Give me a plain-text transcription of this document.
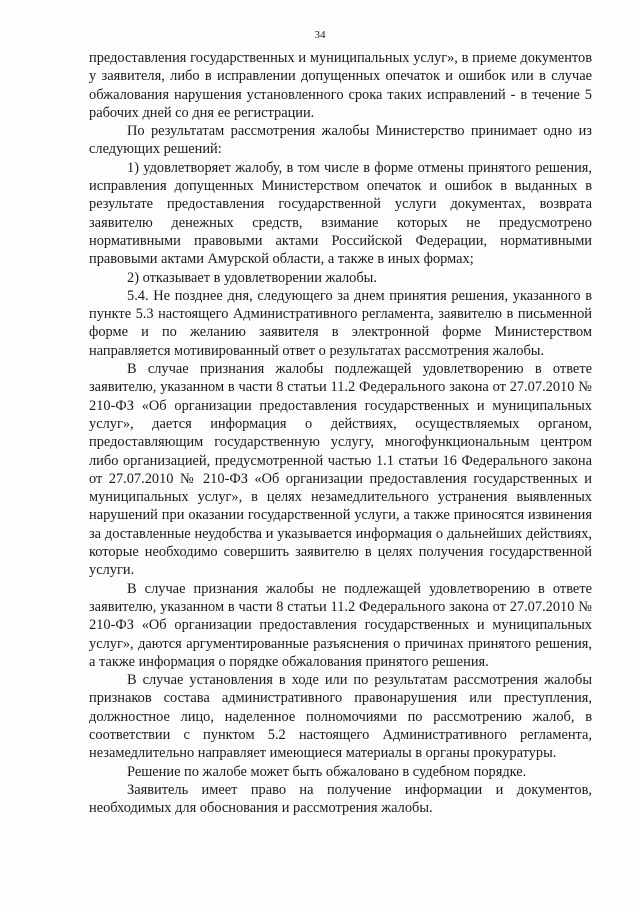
34

предоставления государственных и муниципальных услуг», в приеме документов у заявителя, либо в исправлении допущенных опечаток и ошибок или в случае обжалования нарушения установленного срока таких исправлений - в течение 5 рабочих дней со дня ее регистрации.

По результатам рассмотрения жалобы Министерство принимает одно из следующих решений:

1) удовлетворяет жалобу, в том числе в форме отмены принятого решения, исправления допущенных Министерством опечаток и ошибок в выданных в результате предоставления государственной услуги документах, возврата заявителю денежных средств, взимание которых не предусмотрено нормативными правовыми актами Российской Федерации, нормативными правовыми актами Амурской области, а также в иных формах;

2) отказывает в удовлетворении жалобы.

5.4. Не позднее дня, следующего за днем принятия решения, указанного в пункте 5.3 настоящего Административного регламента, заявителю в письменной форме и по желанию заявителя в электронной форме Министерством направляется мотивированный ответ о результатах рассмотрения жалобы.

В случае признания жалобы подлежащей удовлетворению в ответе заявителю, указанном в части 8 статьи 11.2 Федерального закона от 27.07.2010 № 210-ФЗ «Об организации предоставления государственных и муниципальных услуг», дается информация о действиях, осуществляемых органом, предоставляющим государственную услугу, многофункциональным центром либо организацией, предусмотренной частью 1.1 статьи 16 Федерального закона от 27.07.2010 № 210-ФЗ «Об организации предоставления государственных и муниципальных услуг», в целях незамедлительного устранения выявленных нарушений при оказании государственной услуги, а также приносятся извинения за доставленные неудобства и указывается информация о дальнейших действиях, которые необходимо совершить заявителю в целях получения государственной услуги.

В случае признания жалобы не подлежащей удовлетворению в ответе заявителю, указанном в части 8 статьи 11.2 Федерального закона от 27.07.2010 № 210-ФЗ «Об организации предоставления государственных и муниципальных услуг», даются аргументированные разъяснения о причинах принятого решения, а также информация о порядке обжалования принятого решения.

В случае установления в ходе или по результатам рассмотрения жалобы признаков состава административного правонарушения или преступления, должностное лицо, наделенное полномочиями по рассмотрению жалоб, в соответствии с пунктом 5.2 настоящего Административного регламента, незамедлительно направляет имеющиеся материалы в органы прокуратуры.

Решение по жалобе может быть обжаловано в судебном порядке.

Заявитель имеет право на получение информации и документов, необходимых для обоснования и рассмотрения жалобы.
